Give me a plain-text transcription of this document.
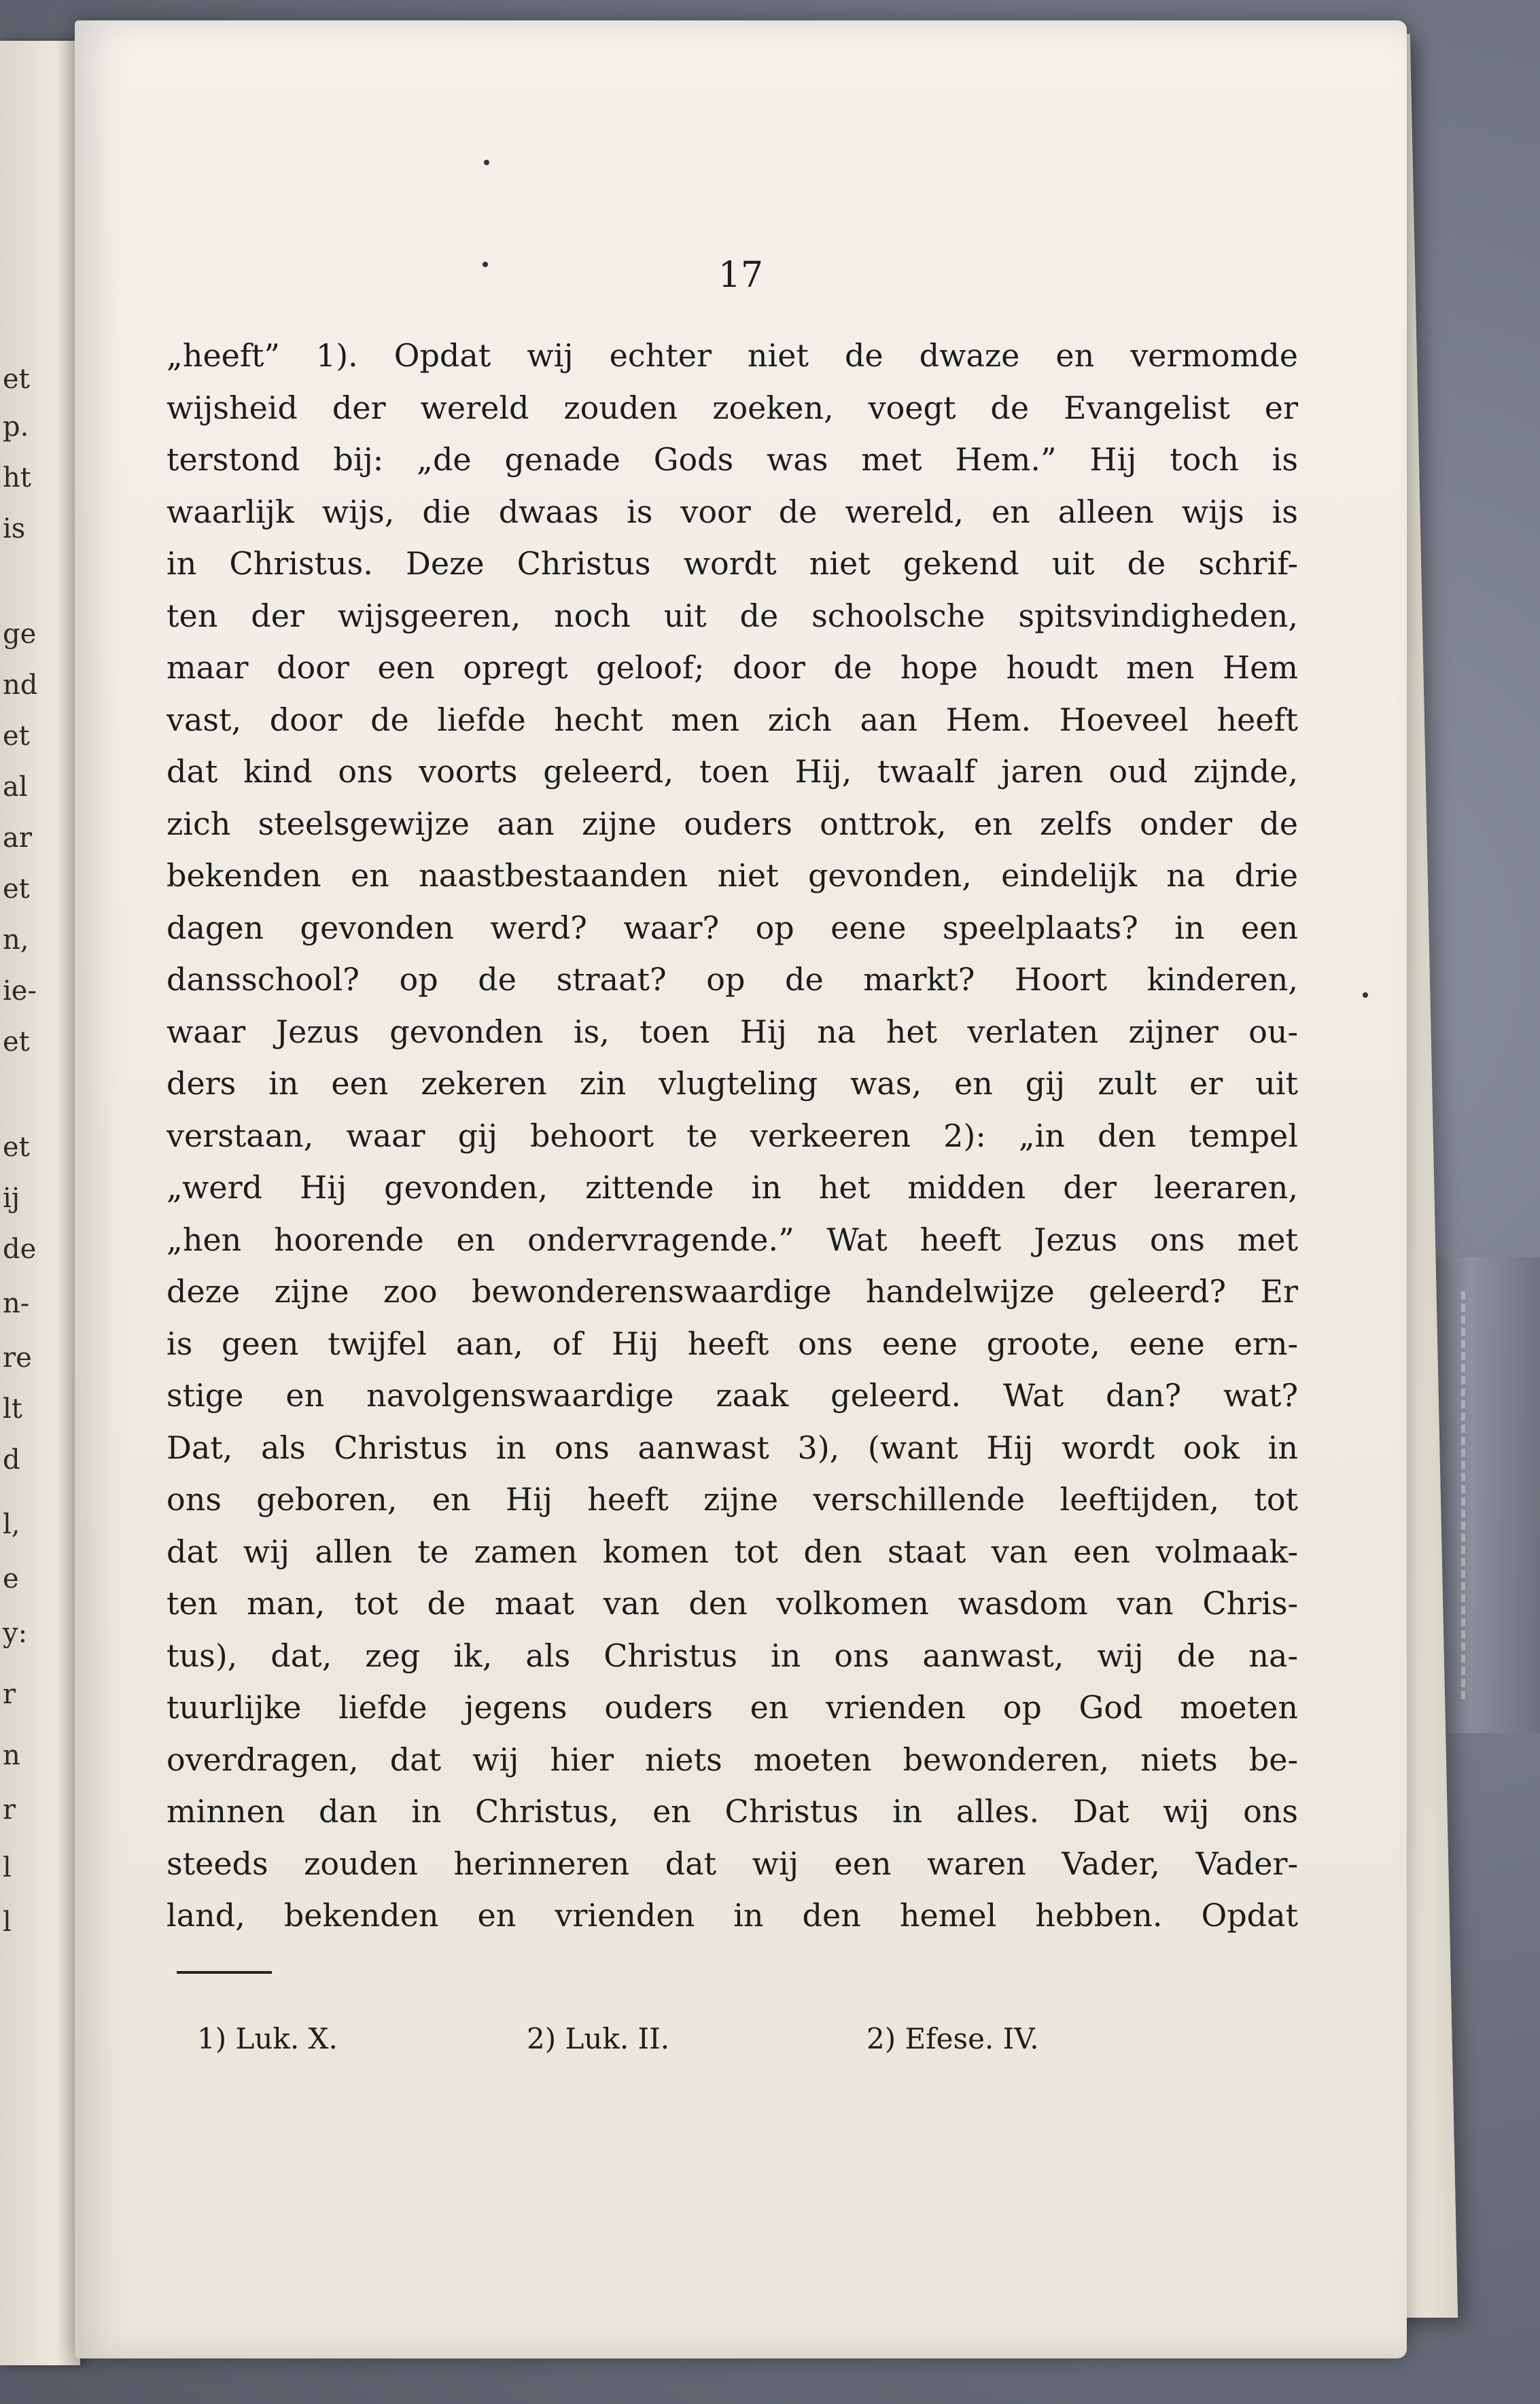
et
p.
ht
is
ge
nd
et
al
ar
et
n,
ie-
et
et
ij
de
n-
re
lt
d
l,
e
y:
r
n
r
l
l
17
„heeft” 1). Opdat wij echter niet de dwaze en vermomde
wijsheid der wereld zouden zoeken, voegt de Evangelist er
terstond bij: „de genade Gods was met Hem.” Hij toch is
waarlijk wijs, die dwaas is voor de wereld, en alleen wijs is
in Christus. Deze Christus wordt niet gekend uit de schrif-
ten der wijsgeeren, noch uit de schoolsche spitsvindigheden,
maar door een opregt geloof; door de hope houdt men Hem
vast, door de liefde hecht men zich aan Hem. Hoeveel heeft
dat kind ons voorts geleerd, toen Hij, twaalf jaren oud zijnde,
zich steelsgewijze aan zijne ouders onttrok, en zelfs onder de
bekenden en naastbestaanden niet gevonden, eindelijk na drie
dagen gevonden werd? waar? op eene speelplaats? in een
dansschool? op de straat? op de markt? Hoort kinderen,
waar Jezus gevonden is, toen Hij na het verlaten zijner ou-
ders in een zekeren zin vlugteling was, en gij zult er uit
verstaan, waar gij behoort te verkeeren 2): „in den tempel
„werd Hij gevonden, zittende in het midden der leeraren,
„hen hoorende en ondervragende.” Wat heeft Jezus ons met
deze zijne zoo bewonderenswaardige handelwijze geleerd? Er
is geen twijfel aan, of Hij heeft ons eene groote, eene ern-
stige en navolgenswaardige zaak geleerd. Wat dan? wat?
Dat, als Christus in ons aanwast 3), (want Hij wordt ook in
ons geboren, en Hij heeft zijne verschillende leeftijden, tot
dat wij allen te zamen komen tot den staat van een volmaak-
ten man, tot de maat van den volkomen wasdom van Chris-
tus), dat, zeg ik, als Christus in ons aanwast, wij de na-
tuurlijke liefde jegens ouders en vrienden op God moeten
overdragen, dat wij hier niets moeten bewonderen, niets be-
minnen dan in Christus, en Christus in alles. Dat wij ons
steeds zouden herinneren dat wij een waren Vader, Vader-
land, bekenden en vrienden in den hemel hebben. Opdat
1) Luk. X.	2) Luk. II.	2) Efese. IV.
